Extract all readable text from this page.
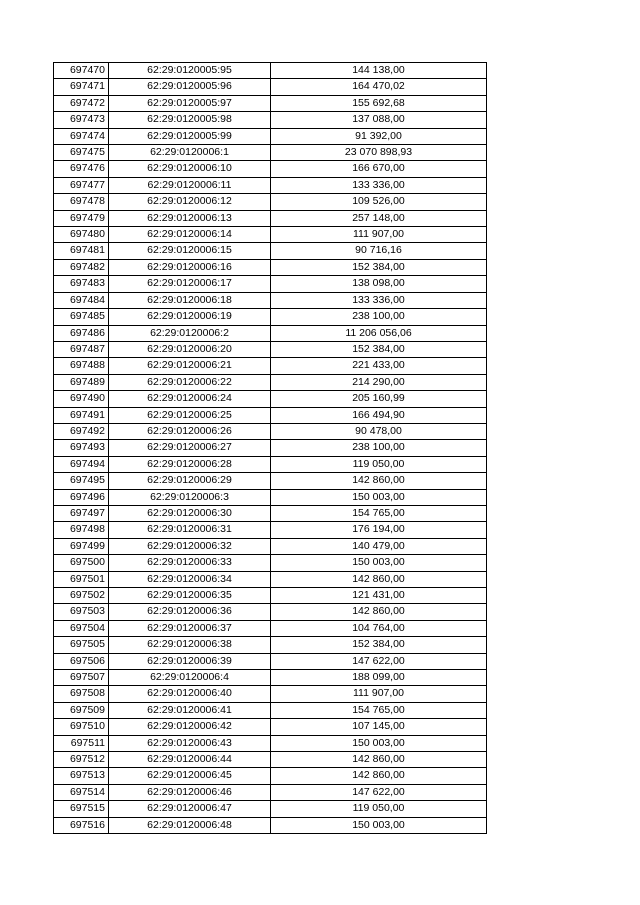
697470	62:29:0120005:95	144 138,00
697471	62:29:0120005:96	164 470,02
697472	62:29:0120005:97	155 692,68
697473	62:29:0120005:98	137 088,00
697474	62:29:0120005:99	91 392,00
697475	62:29:0120006:1	23 070 898,93
697476	62:29:0120006:10	166 670,00
697477	62:29:0120006:11	133 336,00
697478	62:29:0120006:12	109 526,00
697479	62:29:0120006:13	257 148,00
697480	62:29:0120006:14	111 907,00
697481	62:29:0120006:15	90 716,16
697482	62:29:0120006:16	152 384,00
697483	62:29:0120006:17	138 098,00
697484	62:29:0120006:18	133 336,00
697485	62:29:0120006:19	238 100,00
697486	62:29:0120006:2	11 206 056,06
697487	62:29:0120006:20	152 384,00
697488	62:29:0120006:21	221 433,00
697489	62:29:0120006:22	214 290,00
697490	62:29:0120006:24	205 160,99
697491	62:29:0120006:25	166 494,90
697492	62:29:0120006:26	90 478,00
697493	62:29:0120006:27	238 100,00
697494	62:29:0120006:28	119 050,00
697495	62:29:0120006:29	142 860,00
697496	62:29:0120006:3	150 003,00
697497	62:29:0120006:30	154 765,00
697498	62:29:0120006:31	176 194,00
697499	62:29:0120006:32	140 479,00
697500	62:29:0120006:33	150 003,00
697501	62:29:0120006:34	142 860,00
697502	62:29:0120006:35	121 431,00
697503	62:29:0120006:36	142 860,00
697504	62:29:0120006:37	104 764,00
697505	62:29:0120006:38	152 384,00
697506	62:29:0120006:39	147 622,00
697507	62:29:0120006:4	188 099,00
697508	62:29:0120006:40	111 907,00
697509	62:29:0120006:41	154 765,00
697510	62:29:0120006:42	107 145,00
697511	62:29:0120006:43	150 003,00
697512	62:29:0120006:44	142 860,00
697513	62:29:0120006:45	142 860,00
697514	62:29:0120006:46	147 622,00
697515	62:29:0120006:47	119 050,00
697516	62:29:0120006:48	150 003,00
